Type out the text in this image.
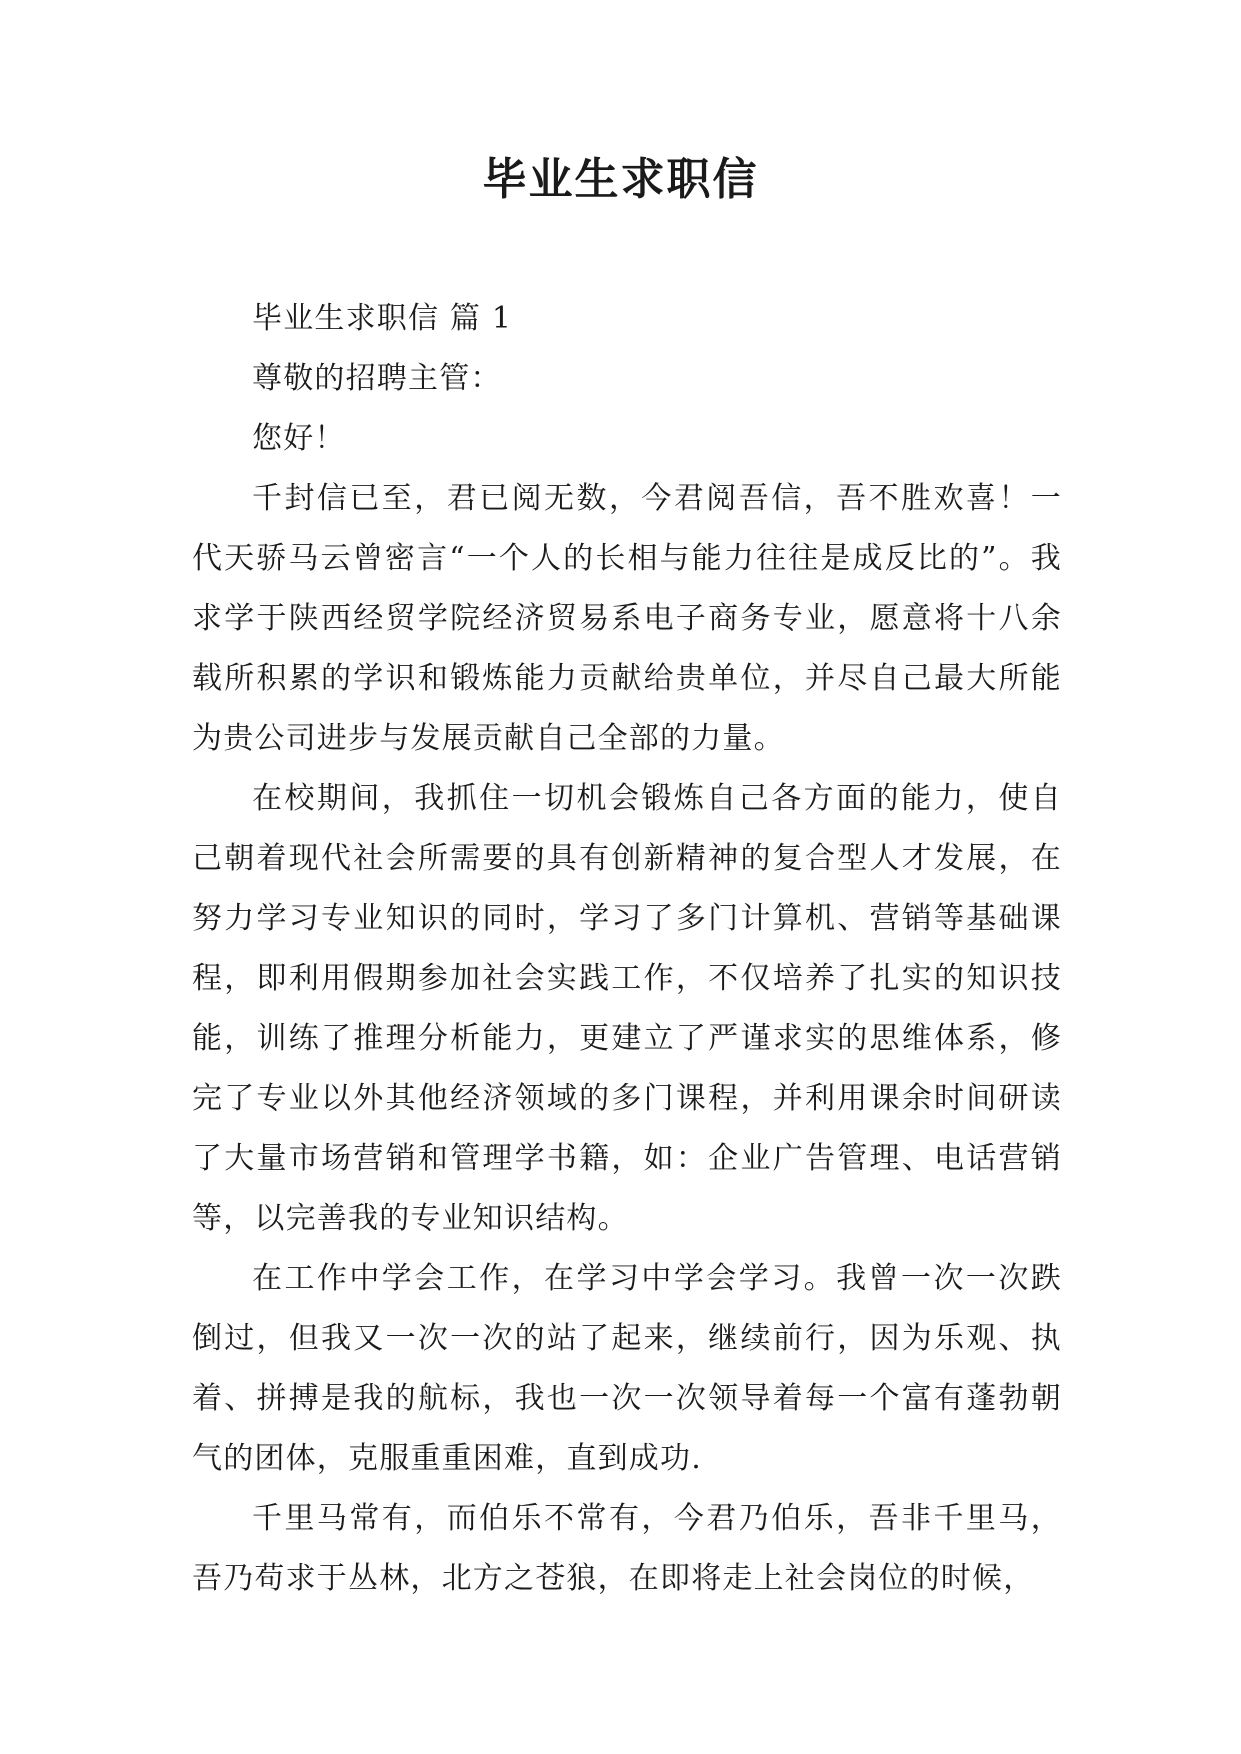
毕业生求职信

毕业生求职信 篇 1

尊敬的招聘主管：

您好！

千封信已至，君已阅无数，今君阅吾信，吾不胜欢喜！一代天骄马云曾密言“一个人的长相与能力往往是成反比的”。我求学于陕西经贸学院经济贸易系电子商务专业，愿意将十八余载所积累的学识和锻炼能力贡献给贵单位，并尽自己最大所能为贵公司进步与发展贡献自己全部的力量。

在校期间，我抓住一切机会锻炼自己各方面的能力，使自己朝着现代社会所需要的具有创新精神的复合型人才发展，在努力学习专业知识的同时，学习了多门计算机、营销等基础课程，即利用假期参加社会实践工作，不仅培养了扎实的知识技能，训练了推理分析能力，更建立了严谨求实的思维体系，修完了专业以外其他经济领域的多门课程，并利用课余时间研读了大量市场营销和管理学书籍，如：企业广告管理、电话营销等，以完善我的专业知识结构。

在工作中学会工作，在学习中学会学习。我曾一次一次跌倒过，但我又一次一次的站了起来，继续前行，因为乐观、执着、拼搏是我的航标，我也一次一次领导着每一个富有蓬勃朝气的团体，克服重重困难，直到成功.

千里马常有，而伯乐不常有，今君乃伯乐，吾非千里马，吾乃苟求于丛林，北方之苍狼，在即将走上社会岗位的时候，
